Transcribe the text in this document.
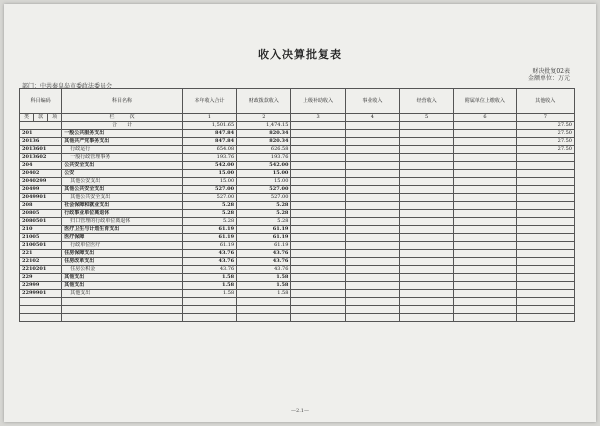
收入决算批复表
财决批复02表
金额单位：万元
部门：中共秦皇岛市委政法委员会
科目编码			科目名称	本年收入合计	财政拨款收入	上级补助收入	事业收入	经营收入	附属单位上缴收入	其他收入
类	款	项	栏　　　 次	1	2	3	4	5	6	7
			合　　计	1,501.65	1,474.15					27.50
201			一般公共服务支出	847.84	820.34					27.50
20136			其他共产党事务支出	847.84	820.34					27.50
2013601			行政运行	654.08	626.58					27.50
2013602			一般行政管理事务	193.76	193.76					
204			公共安全支出	542.00	542.00					
20402			公安	15.00	15.00					
2040299			其他公安支出	15.00	15.00					
20499			其他公共安全支出	527.00	527.00					
2049901			其他公共安全支出	527.00	527.00					
208			社会保障和就业支出	5.28	5.28					
20805			行政事业单位离退休	5.28	5.28					
2080501			归口管理的行政单位离退休	5.28	5.28					
210			医疗卫生与计划生育支出	61.19	61.19					
21005			医疗保障	61.19	61.19					
2100501			行政单位医疗	61.19	61.19					
221			住房保障支出	43.76	43.76					
22102			住房改革支出	43.76	43.76					
2210201			住房公积金	43.76	43.76					
229			其他支出	1.58	1.58					
22999			其他支出	1.58	1.58					
2299901			其他支出	1.58	1.58					

—2.1—
